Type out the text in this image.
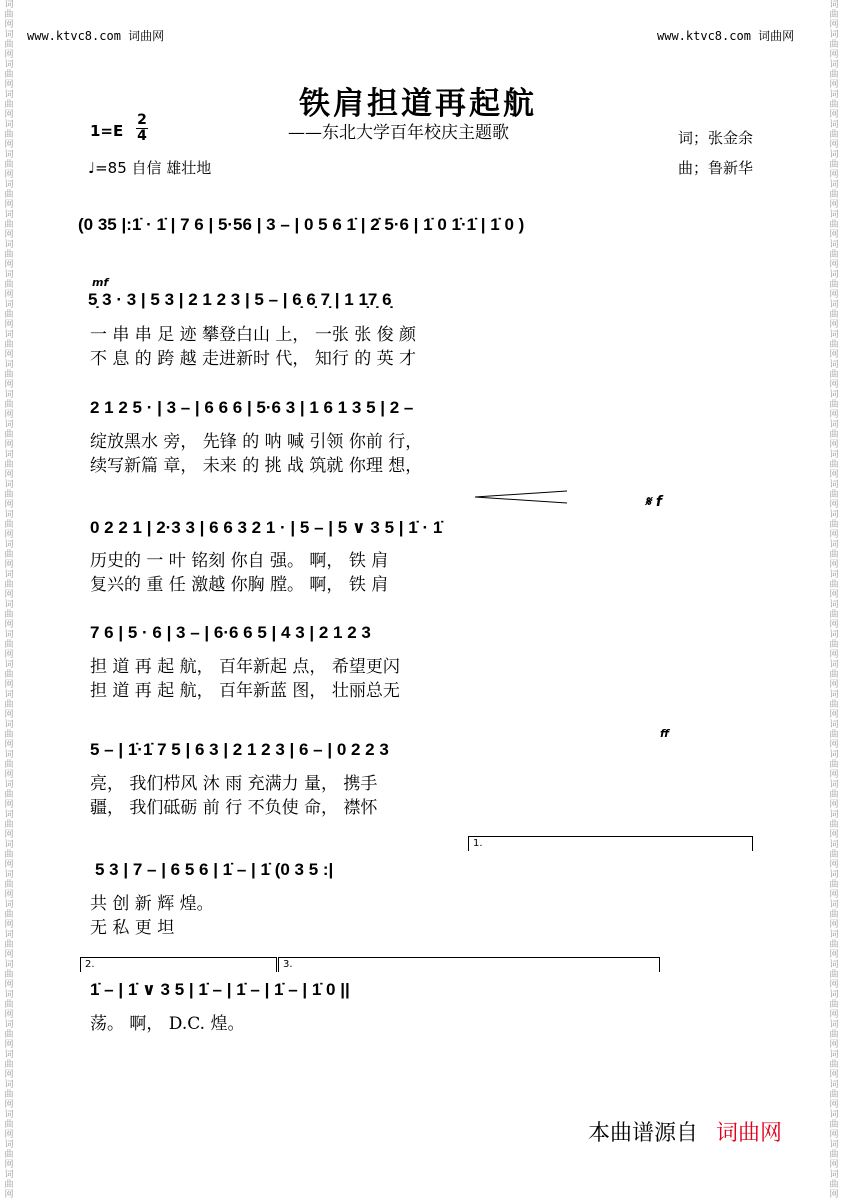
词曲网词曲网词曲网词曲网词曲网词曲网词曲网词曲网词曲网词曲网词曲网词曲网词曲网词曲网词曲网词曲网词曲网词曲网词曲网词曲网词曲网词曲网词曲网词曲网词曲网词曲网词曲网词曲网词曲网词曲网词曲网词曲网词曲网词曲网词曲网词曲网词曲网词曲网词曲网词曲网
词曲网词曲网词曲网词曲网词曲网词曲网词曲网词曲网词曲网词曲网词曲网词曲网词曲网词曲网词曲网词曲网词曲网词曲网词曲网词曲网词曲网词曲网词曲网词曲网词曲网词曲网词曲网词曲网词曲网词曲网词曲网词曲网词曲网词曲网词曲网词曲网词曲网词曲网词曲网词曲网
www.ktvc8.com 词曲网	www.ktvc8.com 词曲网
铁肩担道再起航
——东北大学百年校庆主题歌
1=E
2
4
♩=85 自信 雄壮地
词；张金余
曲；鲁新华
(0 35 |:1̇ · 1̇ | 7 6 | 5·56 | 3 – | 0 5 6 1̇ | 2̇ 5·6 | 1̇ 0 1̇·1̇ | 1̇ 0 )
mf
5̣ 3 · 3 | 5 3 | 2 1 2 3 | 5 – | 6̣ 6̣ 7̣ | 1 1̣7̣ 6̣
一 串 串 足 迹 攀登白山 上， 一张 张 俊 颜
不 息 的 跨 越 走进新时 代， 知行 的 英 才
2 1 2 5 · | 3 – | 6 6 6 | 5·6 3 | 1 6 1 3 5 | 2 –
绽放黑水 旁， 先锋 的 呐 喊 引领 你前 行，
续写新篇 章， 未来 的 挑 战 筑就 你理 想，
𝄋 f
0 2 2 1 | 2·3 3 | 6 6 3 2 1 · | 5 – | 5 ∨ 3 5 | 1̇ · 1̇
历史的 一 叶 铭刻 你自 强。 啊， 铁 肩
复兴的 重 任 激越 你胸 膛。 啊， 铁 肩
7 6 | 5 · 6 | 3 – | 6·6 6 5 | 4 3 | 2 1 2 3
担 道 再 起 航， 百年新起 点， 希望更闪
担 道 再 起 航， 百年新蓝 图， 壮丽总无
ff
5 – | 1̇·1̇ 7 5 | 6 3 | 2 1 2 3 | 6 – | 0 2 2 3
亮， 我们栉风 沐 雨 充满力 量， 携手
疆， 我们砥砺 前 行 不负使 命， 襟怀
1.
5 3 | 7 – | 6 5 6 | 1̇ – | 1̇ (0 3 5 :|
共 创 新 辉 煌。
无 私 更 坦
2.	3.
1̇ – | 1̇ ∨ 3 5 | 1̇ – | 1̇ – | 1̇ – | 1̇ 0 ||
荡。 啊， D.C. 煌。
本曲谱源自 词曲网
